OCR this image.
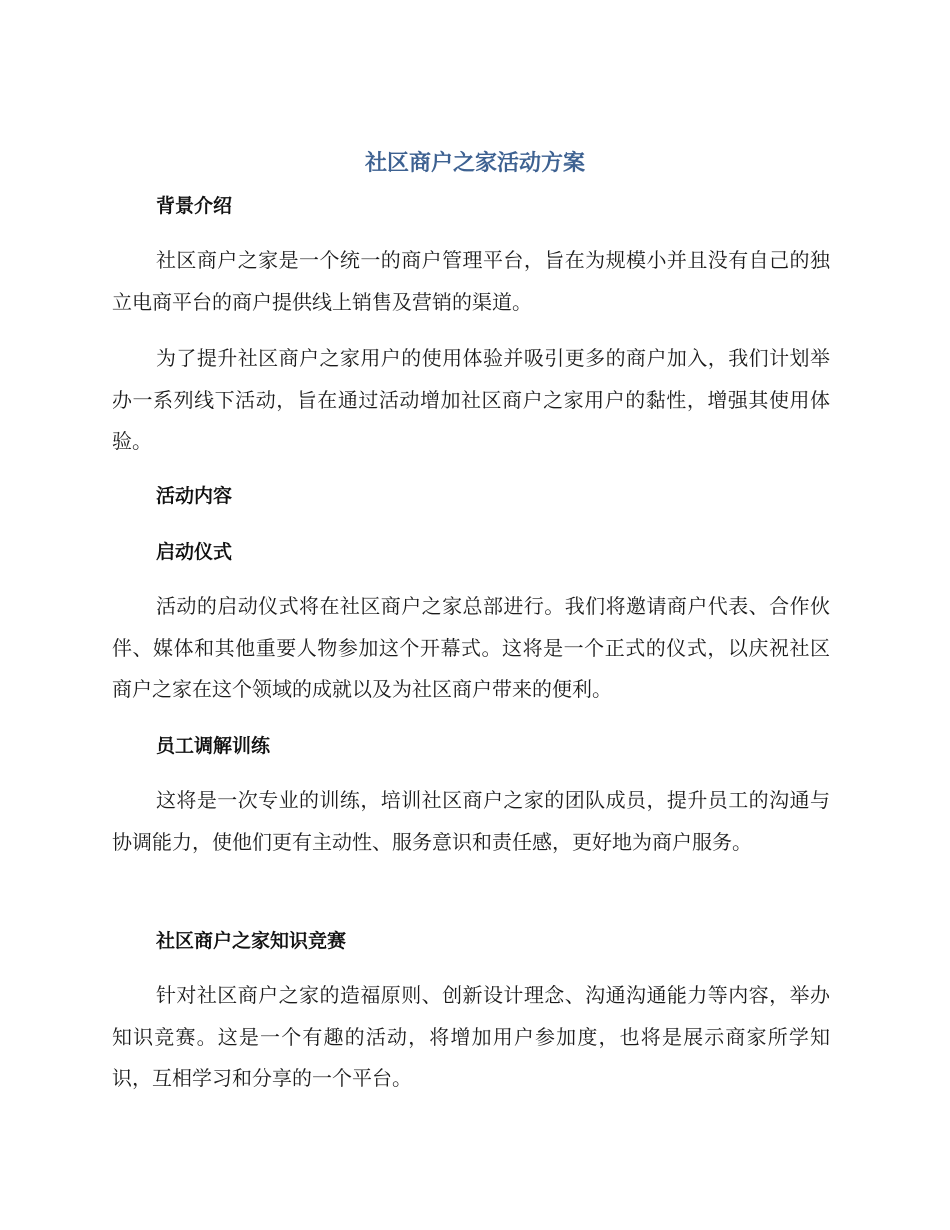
社区商户之家活动方案
背景介绍

社区商户之家是一个统一的商户管理平台，旨在为规模小并且没有自己的独立电商平台的商户提供线上销售及营销的渠道。

为了提升社区商户之家用户的使用体验并吸引更多的商户加入，我们计划举办一系列线下活动，旨在通过活动增加社区商户之家用户的黏性，增强其使用体验。

活动内容
启动仪式

活动的启动仪式将在社区商户之家总部进行。我们将邀请商户代表、合作伙伴、媒体和其他重要人物参加这个开幕式。这将是一个正式的仪式，以庆祝社区商户之家在这个领域的成就以及为社区商户带来的便利。

员工调解训练

这将是一次专业的训练，培训社区商户之家的团队成员，提升员工的沟通与协调能力，使他们更有主动性、服务意识和责任感，更好地为商户服务。

社区商户之家知识竞赛

针对社区商户之家的造福原则、创新设计理念、沟通沟通能力等内容，举办知识竞赛。这是一个有趣的活动，将增加用户参加度，也将是展示商家所学知识，互相学习和分享的一个平台。
